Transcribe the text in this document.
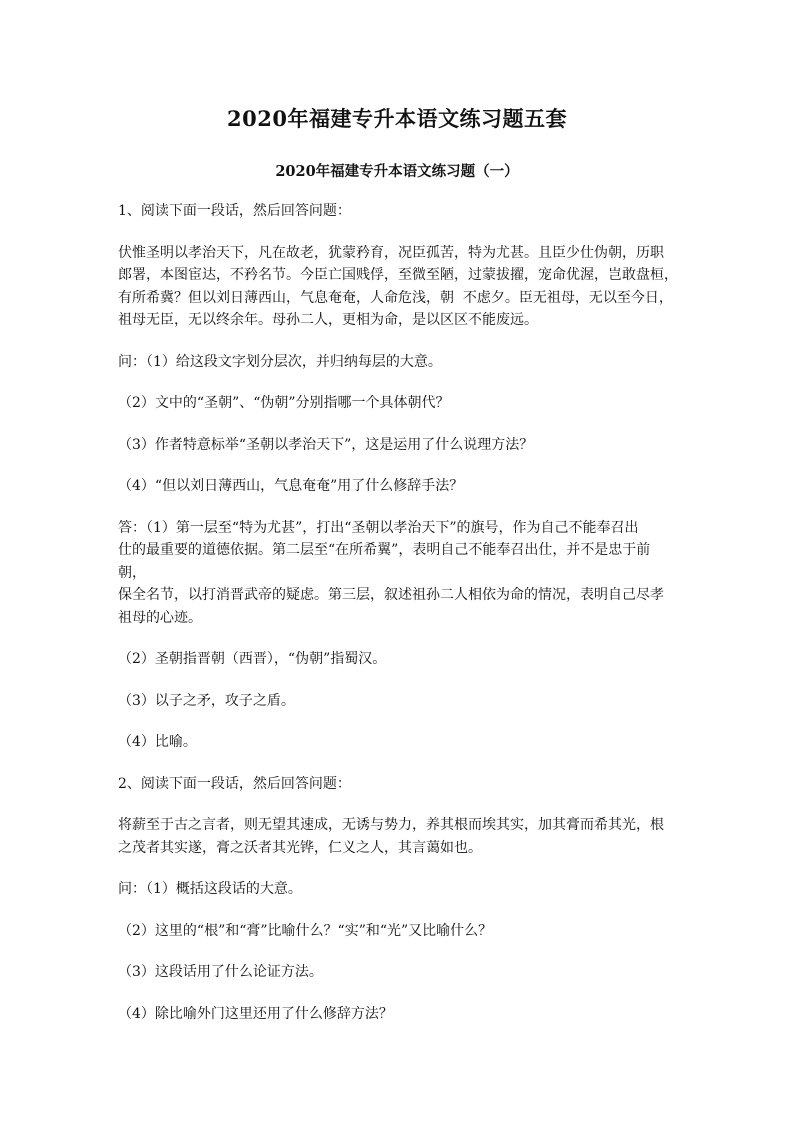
2020年福建专升本语文练习题五套
2020年福建专升本语文练习题（一）

1、阅读下面一段话，然后回答问题：

伏惟圣明以孝治天下，凡在故老，犹蒙矜育，况臣孤苦，特为尤甚。且臣少仕伪朝，历职
郎署，本图宦达，不矜名节。今臣亡国贱俘，至微至陋，过蒙拔擢，宠命优渥，岂敢盘桓，
有所希冀？但以刘日薄西山，气息奄奄，人命危浅，朝  不虑夕。臣无祖母，无以至今日，
祖母无臣，无以终余年。母孙二人，更相为命，是以区区不能废远。

问：（1）给这段文字划分层次，并归纳每层的大意。

（2）文中的“圣朝”、“伪朝”分别指哪一个具体朝代？

（3）作者特意标举“圣朝以孝治天下”，这是运用了什么说理方法？

（4）“但以刘日薄西山，气息奄奄”用了什么修辞手法？

答：（1）第一层至“特为尤甚”，打出“圣朝以孝治天下”的旗号，作为自己不能奉召出
仕的最重要的道德依据。第二层至“在所希翼”，表明自己不能奉召出仕，并不是忠于前朝，
保全名节，以打消晋武帝的疑虑。第三层，叙述祖孙二人相依为命的情况，表明自己尽孝
祖母的心迹。

（2）圣朝指晋朝（西晋），“伪朝”指蜀汉。

（3）以子之矛，攻子之盾。

（4）比喻。

2、阅读下面一段话，然后回答问题：

将薪至于古之言者，则无望其速成，无诱与势力，养其根而埃其实，加其膏而希其光，根
之茂者其实遂，膏之沃者其光铧，仁义之人，其言蔼如也。

问：（1）概括这段话的大意。

（2）这里的“根”和“膏”比喻什么？“实”和“光”又比喻什么？

（3）这段话用了什么论证方法。

（4）除比喻外门这里还用了什么修辞方法？
